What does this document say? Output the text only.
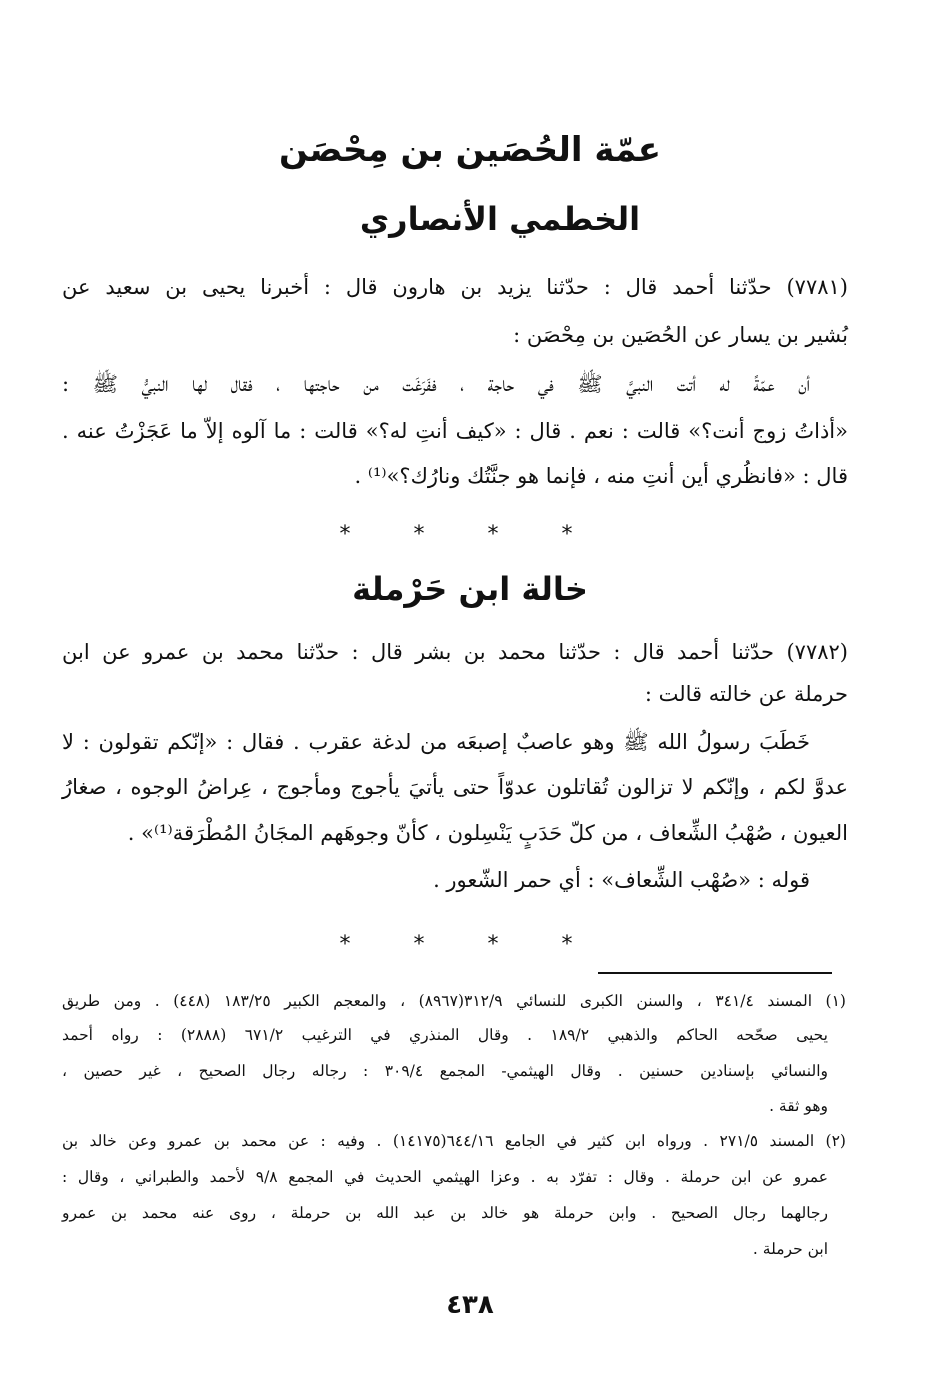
عمّة الحُصَين بن مِحْصَن
الخطمي الأنصاري
(٧٧٨١) حدّثنا أحمد قال : حدّثنا يزيد بن هارون قال : أخبرنا يحيى بن سعيد عن
بُشير بن يسار عن الحُصَين بن مِحْصَن :
أن عمّةً له أتت النبيَّ ﷺ في حاجة ، ففَرَغَت من حاجتها ، فقال لها النبيُّ ﷺ :
«أذاتُ زوج أنت؟» قالت : نعم . قال : «كيف أنتِ له؟» قالت : ما آلوه إلاّ ما عَجَزْتُ عنه .
قال : «فانظُري أين أنتِ منه ، فإنما هو جنَّتُك ونارُك؟»⁽¹⁾ .
* * * *
خالة ابن حَرْملة
(٧٧٨٢) حدّثنا أحمد قال : حدّثنا محمد بن بشر قال : حدّثنا محمد بن عمرو عن ابن
حرملة عن خالته قالت :
خَطَبَ رسولُ الله ﷺ وهو عاصبٌ إصبعَه من لدغة عقرب . فقال : «إنّكم تقولون : لا
عدوَّ لكم ، وإنّكم لا تزالون تُقاتلون عدوّاً حتى يأتيَ يأجوج ومأجوج ، عِراضُ الوجوه ، صغارُ
العيون ، صُهْبُ الشِّعاف ، من كلّ حَدَبٍ يَنْسِلون ، كأنّ وجوهَهم المجَانُ المُطْرَقة⁽¹⁾» .
قوله : «صُهْب الشِّعاف» : أي حمر الشّعور .
* * * *
(١) المسند ٣٤١/٤ ، والسنن الكبرى للنسائي ٣١٢/٩(٨٩٦٧) ، والمعجم الكبير ١٨٣/٢٥ (٤٤٨) . ومن طريق
يحيى صحّحه الحاكم والذهبي ١٨٩/٢ . وقال المنذري في الترغيب ٦٧١/٢ (٢٨٨٨) : رواه أحمد
والنسائي بإسنادين حسنين . وقال الهيثمي- المجمع ٣٠٩/٤ : رجاله رجال الصحيح ، غير حصين ،
وهو ثقة .
(٢) المسند ٢٧١/٥ . ورواه ابن كثير في الجامع ٦٤٤/١٦(١٤١٧٥) . وفيه : عن محمد بن عمرو وعن خالد بن
عمرو عن ابن حرملة . وقال : تفرّد به . وعزا الهيثمي الحديث في المجمع ٩/٨ لأحمد والطبراني ، وقال :
رجالهما رجال الصحيح . وابن حرملة هو خالد بن عبد الله بن حرملة ، روى عنه محمد بن عمرو
ابن حرملة .
٤٣٨
